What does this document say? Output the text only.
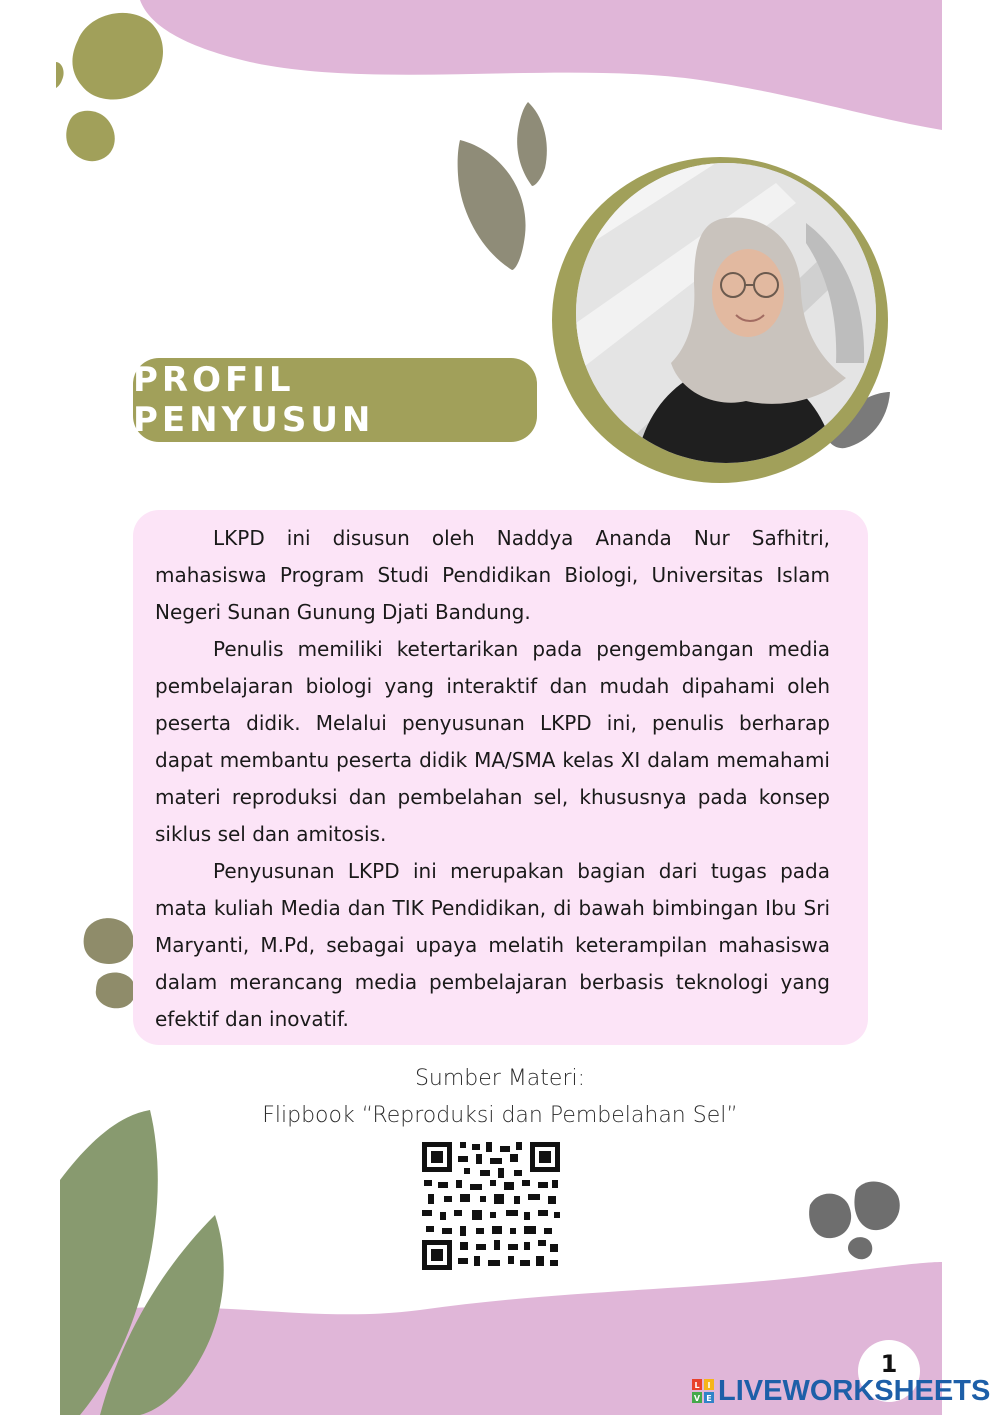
PROFIL PENYUSUN

LKPD ini disusun oleh Naddya Ananda Nur Safhitri, mahasiswa Program Studi Pendidikan Biologi, Universitas Islam Negeri Sunan Gunung Djati Bandung.

Penulis memiliki ketertarikan pada pengembangan media pembelajaran biologi yang interaktif dan mudah dipahami oleh peserta didik. Melalui penyusunan LKPD ini, penulis berharap dapat membantu peserta didik MA/SMA kelas XI dalam memahami materi reproduksi dan pembelahan sel, khususnya pada konsep siklus sel dan amitosis.

Penyusunan LKPD ini merupakan bagian dari tugas pada mata kuliah Media dan TIK Pendidikan, di bawah bimbingan Ibu Sri Maryanti, M.Pd, sebagai upaya melatih keterampilan mahasiswa dalam merancang media pembelajaran berbasis teknologi yang efektif dan inovatif.

Sumber Materi:
Flipbook “Reproduksi dan Pembelahan Sel”
1
L I
V E LIVEWORKSHEETS
